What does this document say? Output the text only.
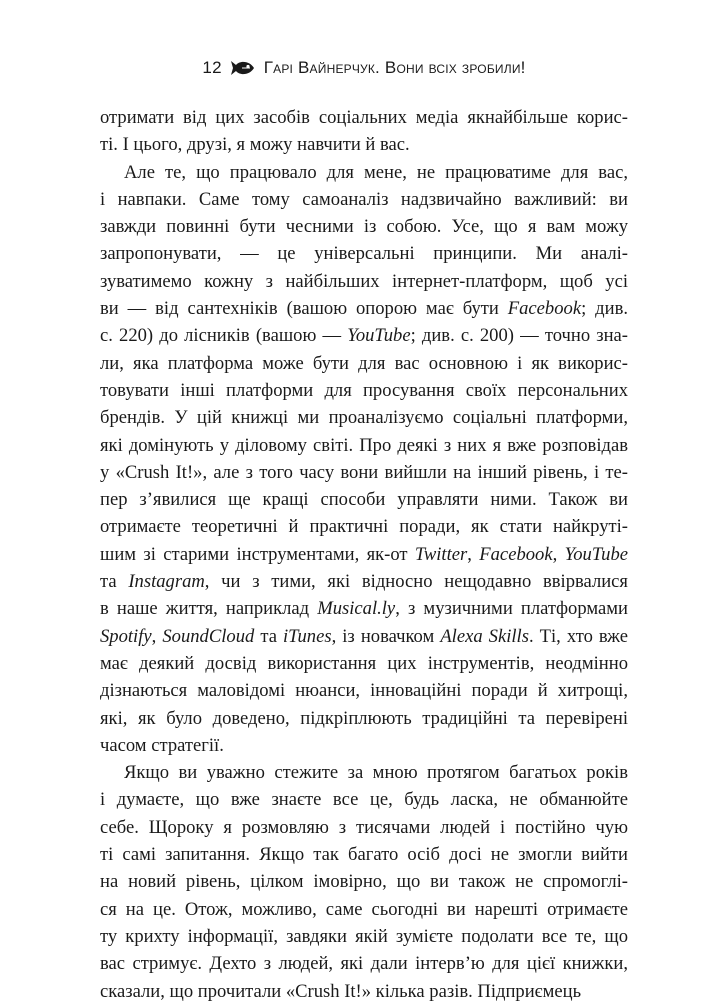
12 Гарі Вайнерчук. Вони всіх зробили!
отримати від цих засобів соціальних медіа якнайбільше корис-
ті. І цього, друзі, я можу навчити й вас.
Але те, що працювало для мене, не працюватиме для вас,
і навпаки. Саме тому самоаналіз надзвичайно важливий: ви
завжди повинні бути чесними із собою. Усе, що я вам можу
запропонувати, — це універсальні принципи. Ми аналі-
зуватимемо кожну з найбільших інтернет-платформ, щоб усі
ви — від сантехніків (вашою опорою має бути Facebook; див.
с. 220) до лісників (вашою — YouTube; див. с. 200) — точно зна-
ли, яка платформа може бути для вас основною і як викорис-
товувати інші платформи для просування своїх персональних
брендів. У цій книжці ми проаналізуємо соціальні платформи,
які домінують у діловому світі. Про деякі з них я вже розповідав
у «Crush It!», але з того часу вони вийшли на інший рівень, і те-
пер з’явилися ще кращі способи управляти ними. Також ви
отримаєте теоретичні й практичні поради, як стати найкруті-
шим зі старими інструментами, як-от Twitter, Facebook, YouTube
та Instagram, чи з тими, які відносно нещодавно ввірвалися
в наше життя, наприклад Musical.ly, з музичними платформами
Spotify, SoundCloud та iTunes, із новачком Alexa Skills. Ті, хто вже
має деякий досвід використання цих інструментів, неодмінно
дізнаються маловідомі нюанси, інноваційні поради й хитрощі,
які, як було доведено, підкріплюють традиційні та перевірені
часом стратегії.
Якщо ви уважно стежите за мною протягом багатьох років
і думаєте, що вже знаєте все це, будь ласка, не обманюйте
себе. Щороку я розмовляю з тисячами людей і постійно чую
ті самі запитання. Якщо так багато осіб досі не змогли вийти
на новий рівень, цілком імовірно, що ви також не спромоглі-
ся на це. Отож, можливо, саме сьогодні ви нарешті отримаєте
ту крихту інформації, завдяки якій зумієте подолати все те, що
вас стримує. Дехто з людей, які дали інтерв’ю для цієї книжки,
сказали, що прочитали «Crush It!» кілька разів. Підприємець
